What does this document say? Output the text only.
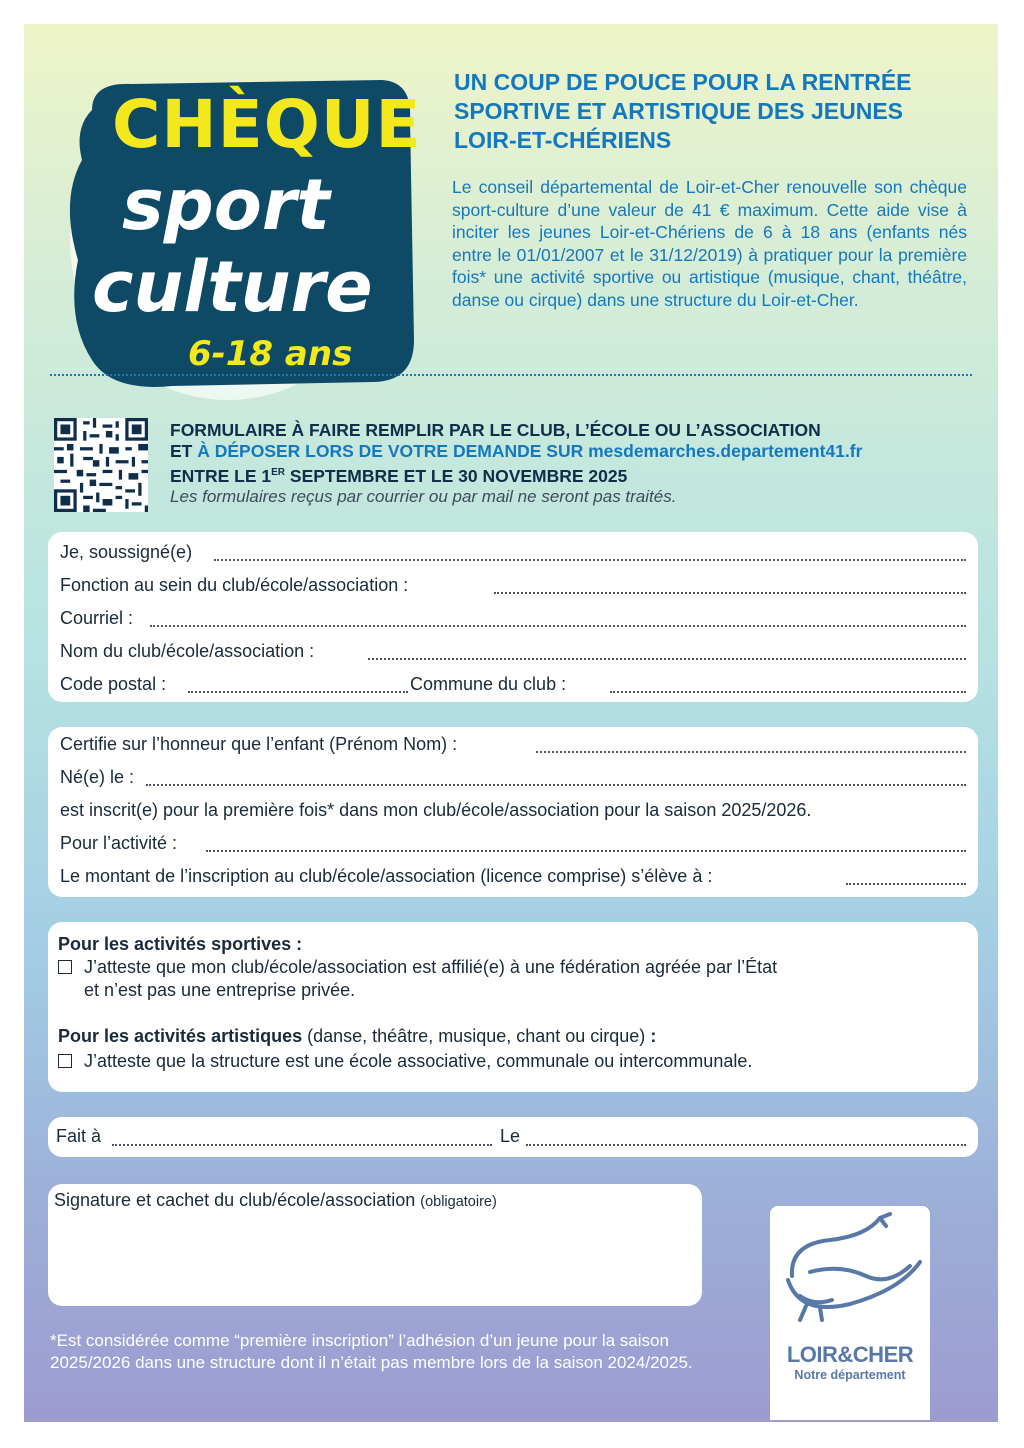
CHÈQUE
sport
culture
6-18 ans
UN COUP DE POUCE POUR LA RENTRÉE
SPORTIVE ET ARTISTIQUE DES JEUNES
LOIR-ET-CHÉRIENS
Le conseil départemental de Loir-et-Cher renouvelle son chèque sport-culture d’une valeur de 41 € maximum. Cette aide vise à inciter les jeunes Loir-et-Chériens de 6 à 18 ans (enfants nés entre le 01/01/2007 et le 31/12/2019) à pratiquer pour la première fois* une activité sportive ou artistique (musique, chant, théâtre, danse ou cirque) dans une structure du Loir-et-Cher.
FORMULAIRE À FAIRE REMPLIR PAR LE CLUB, L’ÉCOLE OU L’ASSOCIATION
ET À DÉPOSER LORS DE VOTRE DEMANDE SUR mesdemarches.departement41.fr
ENTRE LE 1ER SEPTEMBRE ET LE 30 NOVEMBRE 2025
Les formulaires reçus par courrier ou par mail ne seront pas traités.
Je, soussigné(e)
Fonction au sein du club/école/association :
Courriel :
Nom du club/école/association :
Code postal :	Commune du club :
Certifie sur l’honneur que l’enfant (Prénom Nom) :
Né(e) le :
est inscrit(e) pour la première fois* dans mon club/école/association pour la saison 2025/2026.
Pour l’activité :
Le montant de l’inscription au club/école/association (licence comprise) s’élève à :
Pour les activités sportives :
J’atteste que mon club/école/association est affilié(e) à une fédération agréée par l’État
et n’est pas une entreprise privée.
Pour les activités artistiques (danse, théâtre, musique, chant ou cirque) :
J’atteste que la structure est une école associative, communale ou intercommunale.
Fait à	Le
Signature et cachet du club/école/association (obligatoire)
*Est considérée comme “première inscription” l’adhésion d’un jeune pour la saison 2025/2026 dans une structure dont il n’était pas membre lors de la saison 2024/2025.	LOIR&CHER
Notre département
